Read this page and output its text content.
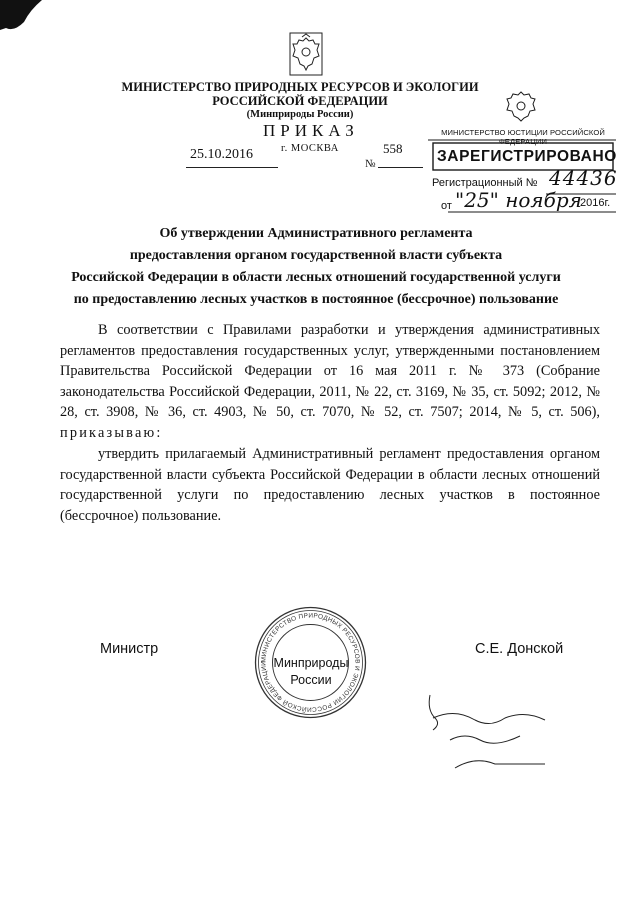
МИНИСТЕРСТВО ПРИРОДНЫХ РЕСУРСОВ И ЭКОЛОГИИ
РОССИЙСКОЙ ФЕДЕРАЦИИ
(Минприроды России)
ПРИКАЗ
25.10.2016	г. МОСКВА
№
558
МИНИСТЕРСТВО ЮСТИЦИИ РОССИЙСКОЙ ФЕДЕРАЦИИ
ЗАРЕГИСТРИРОВАНО
Регистрационный № 44436
от "25" ноября
2016г.
Об утверждении Административного регламента
предоставления органом государственной власти субъекта
Российской Федерации в области лесных отношений государственной услуги
по предоставлению лесных участков в постоянное (бессрочное) пользование
В соответствии с Правилами разработки и утверждения административных регламентов предоставления государственных услуг, утвержденными постановлением Правительства Российской Федерации от 16 мая 2011 г. № 373 (Собрание законодательства Российской Федерации, 2011, № 22, ст. 3169, № 35, ст. 5092; 2012, № 28, ст. 3908, № 36, ст. 4903, № 50, ст. 7070, № 52, ст. 7507; 2014, № 5, ст. 506), приказываю:
утвердить прилагаемый Административный регламент предоставления органом государственной власти субъекта Российской Федерации в области лесных отношений государственной услуги по предоставлению лесных участков в постоянное (бессрочное) пользование.
Министр	С.Е. Донской
МИНИСТЕРСТВО ПРИРОДНЫХ РЕСУРСОВ И ЭКОЛОГИИ РОССИЙСКОЙ ФЕДЕРАЦИИ Минприроды
России
